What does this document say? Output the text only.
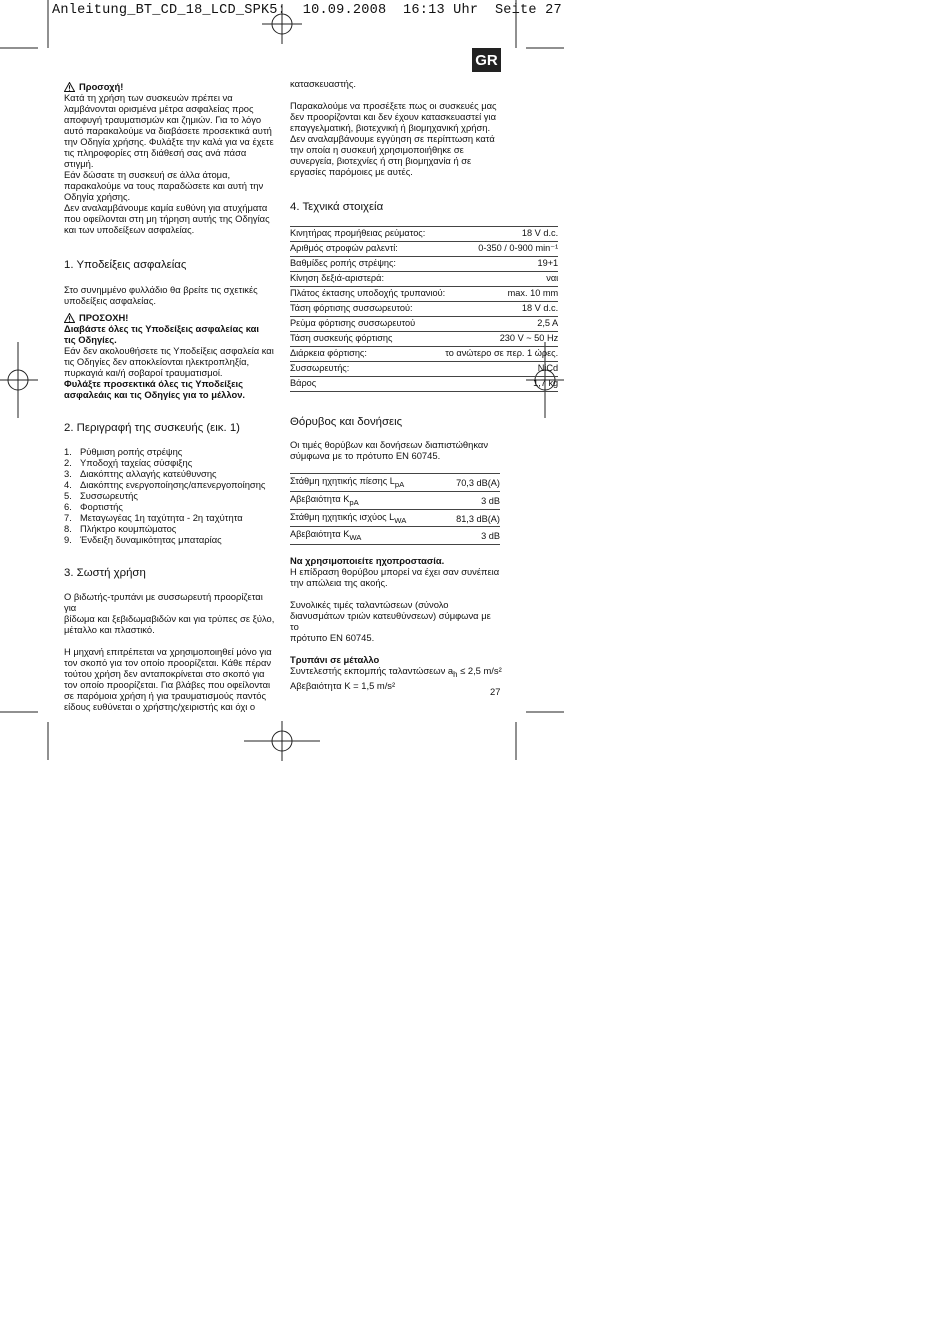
Anleitung_BT_CD_18_LCD_SPK5:  10.09.2008  16:13 Uhr  Seite 27
GR
Προσοχή!
Κατά τη χρήση των συσκευών πρέπει να
λαμβάνονται ορισμένα μέτρα ασφαλείας προς
αποφυγή τραυματισμών και ζημιών. Για το λόγο
αυτό παρακαλούμε να διαβάσετε προσεκτικά αυτή
την Οδηγία χρήσης. Φυλάξτε την καλά για να έχετε
τις πληροφορίες στη διάθεσή σας ανά πάσα στιγμή.
Εάν δώσατε τη συσκευή σε άλλα άτομα,
παρακαλούμε να τους παραδώσετε και αυτή την
Οδηγία χρήσης.
Δεν αναλαμβάνουμε καμία ευθύνη για ατυχήματα
που οφείλονται στη μη τήρηση αυτής της Οδηγίας
και των υποδείξεων ασφαλείας.
1. Υποδείξεις ασφαλείας
Στο συνημμένο φυλλάδιο θα βρείτε τις σχετικές
υποδείξεις ασφαλείας.
ΠΡΟΣΟΧΗ!
Διαβάστε όλες τις Υποδείξεις ασφαλείας και
τις Οδηγίες.
Εάν δεν ακολουθήσετε τις Υποδείξεις ασφαλεία και
τις Οδηγίες δεν αποκλείονται ηλεκτροπληξία,
πυρκαγιά και/ή σοβαροί τραυματισμοί.
Φυλάξτε προσεκτικά όλες τις Υποδείξεις
ασφαλεάις και τις Οδηγίες για το μέλλον.
2. Περιγραφή της συσκευής (εικ. 1)
1. Ρύθμιση ροπής στρέψης
2. Υποδοχή ταχείας σύσφιξης
3. Διακόπτης αλλαγής κατεύθυνσης
4. Διακόπτης ενεργοποίησης/απενεργοποίησης
5. Συσσωρευτής
6. Φορτιστής
7. Μεταγωγέας 1η ταχύτητα - 2η ταχύτητα
8. Πλήκτρο κουμπώματος
9. Ένδειξη δυναμικότητας μπαταρίας
3. Σωστή χρήση
Ο βιδωτής-τρυπάνι με συσσωρευτή προορίζεται για
βίδωμα και ξεβιδωμαβιδών και για τρύπες σε ξύλο,
μέταλλο και πλαστικό.
Η μηχανή επιτρέπεται να χρησιμοποιηθεί μόνο για
τον σκοπό για τον οποίο προορίζεται. Κάθε πέραν
τούτου χρήση δεν ανταποκρίνεται στο σκοπό για
τον οποίο προορίζεται. Για βλάβες που οφείλονται
σε παρόμοια χρήση ή για τραυματισμούς παντός
είδους ευθύνεται ο χρήστης/χειριστής και όχι ο
κατασκευαστής.
Παρακαλούμε να προσέξετε πως οι συσκευές μας
δεν προορίζονται και δεν έχουν κατασκευαστεί για
επαγγελματική, βιοτεχνική ή βιομηχανική χρήση.
Δεν αναλαμβάνουμε εγγύηση σε περίπτωση κατά
την οποία η συσκευή χρησιμοποιήθηκε σε
συνεργεία, βιοτεχνίες ή στη βιομηχανία ή σε
εργασίες παρόμοιες με αυτές.
4. Τεχνικά στοιχεία
Κινητήρας προμήθειας ρεύματος:	18 V d.c.
Αριθμός στροφών ραλεντί:	0-350 / 0-900 min⁻¹
Βαθμίδες ροπής στρέψης:	19+1
Κίνηση δεξιά-αριστερά:	ναι
Πλάτος έκτασης υποδοχής τρυπανιού:	max. 10 mm
Τάση φόρτισης συσσωρευτού:	18 V d.c.
Ρεύμα φόρτισης συσσωρευτού	2,5 A
Τάση συσκευής φόρτισης	230 V ~ 50 Hz
Διάρκεια φόρτισης:	το ανώτερο σε περ. 1 ώρες.
Συσσωρευτής:	NiCd
Βάρος	1,7 kg
Θόρυβος και δονήσεις
Οι τιμές θορύβων και δονήσεων διαπιστώθηκαν
σύμφωνα με το πρότυπο EN 60745.
Στάθμη ηχητικής πίεσης $L_{pA}$	70,3 dB(A)
Αβεβαιότητα $K_{pA}$	3 dB
Στάθμη ηχητικής ισχύος $L_{WA}$	81,3 dB(A)
Αβεβαιότητα $K_{WA}$	3 dB
Να χρησιμοποιείτε ηχοπροστασία.
Η επίδραση θορύβου μπορεί να έχει σαν συνέπεια
την απώλεια της ακοής.
Συνολικές τιμές ταλαντώσεων (σύνολο
διανυσμάτων τριών κατευθύνσεων) σύμφωνα με το
πρότυπο EN 60745.
Τρυπάνι σε μέταλλο
Συντελεστής εκπομπής ταλαντώσεων $a_h \le 2,5$ m/s²
Αβεβαιότητα K = 1,5 m/s²
27
